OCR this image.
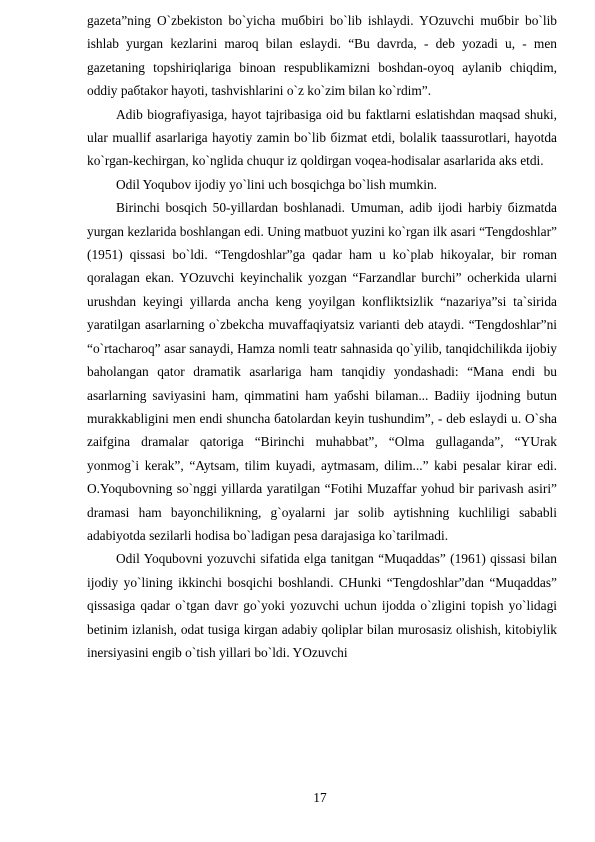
gazeta”ning O`zbekiston bo`yicha muбbiri bo`lib ishlaydi. YOzuvchi muбbir bo`lib ishlab yurgan kezlarini maroq bilan eslaydi. “Bu davrda, - deb yozadi u, - men gazetaning topshiriqlariga binoan respublikamizni boshdan-oyoq aylanib chiqdim, oddiy paбtakor hayoti, tashvishlarini o`z ko`zim bilan ko`rdim”.

Adib biografiyasiga, hayot tajribasiga oid bu faktlarni eslatishdan maqsad shuki, ular muallif asarlariga hayotiy zamin bo`lib бizmat etdi, bolalik taassurotlari, hayotda ko`rgan-kechirgan, ko`nglida chuqur iz qoldirgan voqea-hodisalar asarlarida aks etdi.

Odil Yoqubov ijodiy yo`lini uch bosqichga bo`lish mumkin.

Birinchi bosqich 50-yillardan boshlanadi. Umuman, adib ijodi harbiy бizmatda yurgan kezlarida boshlangan edi. Uning matbuot yuzini ko`rgan ilk asari “Tengdoshlar” (1951) qissasi bo`ldi. “Tengdoshlar”ga qadar ham u ko`plab hikoyalar, bir roman qoralagan ekan. YOzuvchi keyinchalik yozgan “Farzandlar burchi” ocherkida ularni urushdan keyingi yillarda ancha keng yoyilgan konfliktsizlik “nazariya”si ta`sirida yaratilgan asarlarning o`zbekcha muvaffaqiyatsiz varianti deb ataydi. “Tengdoshlar”ni “o`rtacharoq” asar sanaydi, Hamza nomli teatr sahnasida qo`yilib, tanqidchilikda ijobiy baholangan qator dramatik asarlariga ham tanqidiy yondashadi: “Mana endi bu asarlarning saviyasini ham, qimmatini ham yaбshi bilaman... Badiiy ijodning butun murakkabligini men endi shuncha бatolardan keyin tushundim”, - deb eslaydi u. O`sha zaifgina dramalar qatoriga “Birinchi muhabbat”, “Olma gullaganda”, “YUrak yonmog`i kerak”, “Aytsam, tilim kuyadi, aytmasam, dilim...” kabi pesalar kirar edi. O.Yoqubovning so`nggi yillarda yaratilgan “Fotihi Muzaffar yohud bir parivash asiri” dramasi ham bayonchilikning, g`oyalarni jar solib aytishning kuchliligi sababli adabiyotda sezilarli hodisa bo`ladigan pesa darajasiga ko`tarilmadi.

Odil Yoqubovni yozuvchi sifatida elga tanitgan “Muqaddas” (1961) qissasi bilan ijodiy yo`lining ikkinchi bosqichi boshlandi. CHunki “Tengdoshlar”dan “Muqaddas” qissasiga qadar o`tgan davr go`yoki yozuvchi uchun ijodda o`zligini topish yo`lidagi betinim izlanish, odat tusiga kirgan adabiy qoliplar bilan murosasiz olishish, kitobiylik inersiyasini engib o`tish yillari bo`ldi. YOzuvchi

17
